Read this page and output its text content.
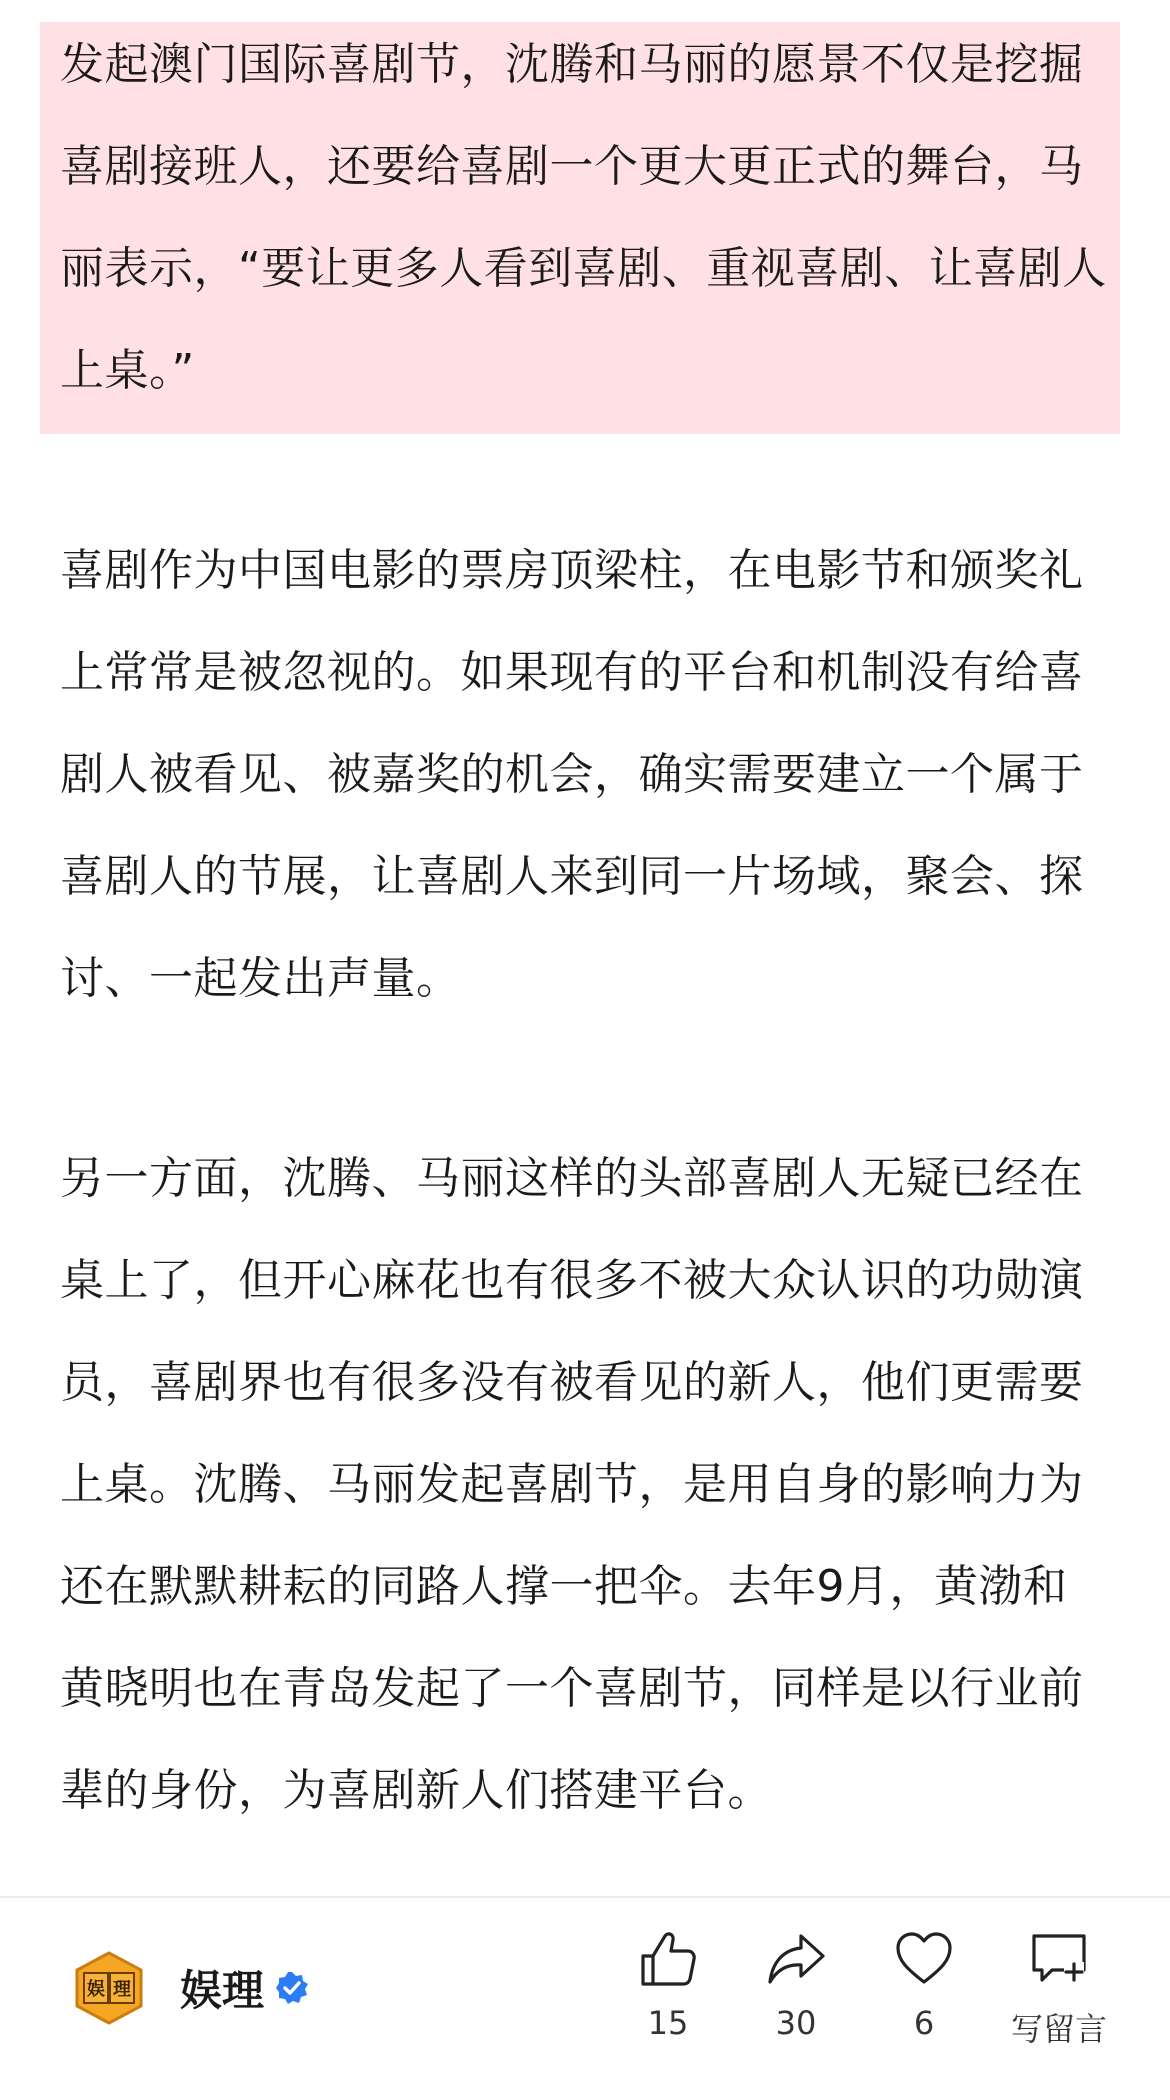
发起澳门国际喜剧节，沈腾和马丽的愿景不仅是挖掘喜剧接班人，还要给喜剧一个更大更正式的舞台，马丽表示，“要让更多人看到喜剧、重视喜剧、让喜剧人上桌。”

喜剧作为中国电影的票房顶梁柱，在电影节和颁奖礼上常常是被忽视的。如果现有的平台和机制没有给喜剧人被看见、被嘉奖的机会，确实需要建立一个属于喜剧人的节展，让喜剧人来到同一片场域，聚会、探讨、一起发出声量。

另一方面，沈腾、马丽这样的头部喜剧人无疑已经在桌上了，但开心麻花也有很多不被大众认识的功勋演员，喜剧界也有很多没有被看见的新人，他们更需要上桌。沈腾、马丽发起喜剧节，是用自身的影响力为还在默默耕耘的同路人撑一把伞。去年9月，黄渤和黄晓明也在青岛发起了一个喜剧节，同样是以行业前辈的身份，为喜剧新人们搭建平台。

娱 理 娱理
15	30	6	写留言
